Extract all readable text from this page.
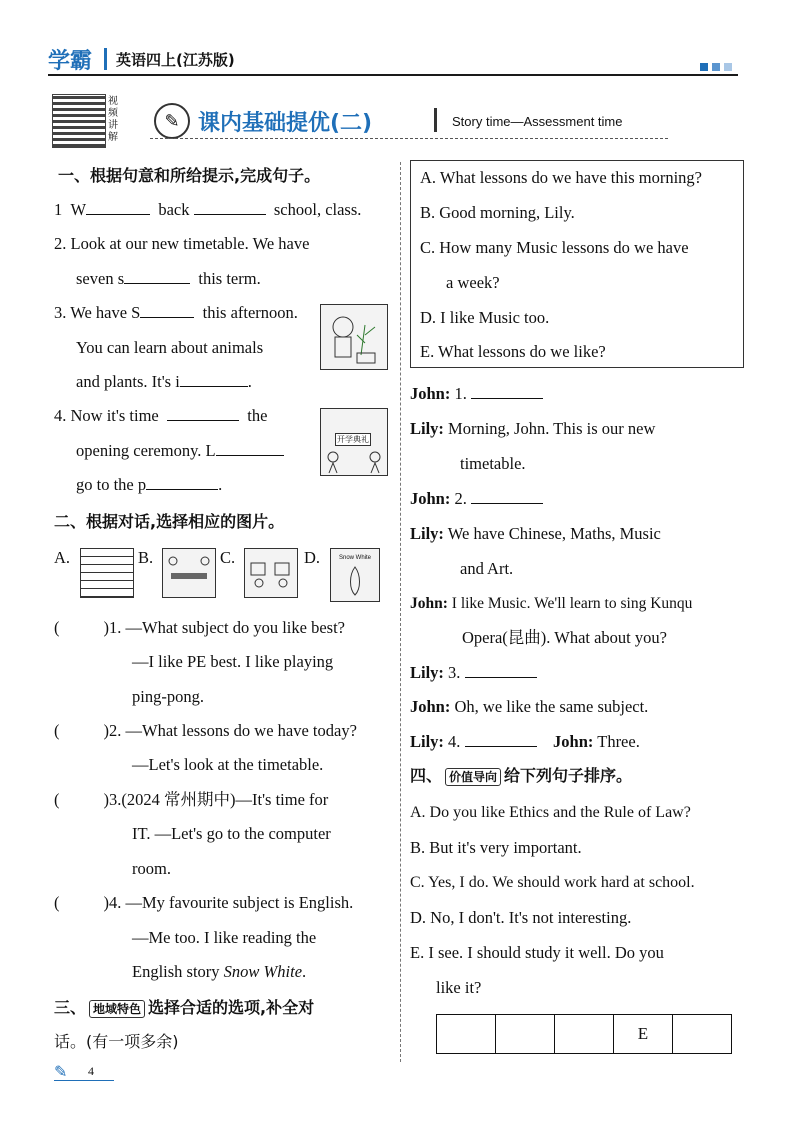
学霸 英语四上(江苏版)

视频讲解
✎ 课内基础提优(二)	Story time—Assessment time
一、根据句意和所给提示,完成句子。
1 W	back	school, class.
2. Look at our new timetable. We have
seven s	this term.
3. We have S	this afternoon.
You can learn about animals
and plants. It's i	.
4. Now it's time	the
opening ceremony. L
go to the p	.
开学典礼
二、根据对话,选择相应的图片。
A.	B.	C.	D.	Snow White
(	)1. —What subject do you like best?
—I like PE best. I like playing
ping-pong.
(	)2. —What lessons do we have today?
—Let's look at the timetable.
(	)3.(2024 常州期中)—It's time for
IT. —Let's go to the computer
room.
(	)4. —My favourite subject is English.
—Me too. I like reading the
English story Snow White.
三、 地域特色 选择合适的选项,补全对
话。(有一项多余)
✎ 4
A. What lessons do we have this morning?
B. Good morning, Lily.
C. How many Music lessons do we have
a week?
D. I like Music too.
E. What lessons do we like?
John: 1.
Lily: Morning, John. This is our new
timetable.
John: 2.
Lily: We have Chinese, Maths, Music
and Art.
John: I like Music. We'll learn to sing Kunqu
Opera(昆曲). What about you?
Lily: 3.
John: Oh, we like the same subject.
Lily: 4.	John: Three.
四、 价值导向 给下列句子排序。
A. Do you like Ethics and the Rule of Law?
B. But it's very important.
C. Yes, I do. We should work hard at school.
D. No, I don't. It's not interesting.
E. I see. I should study it well. Do you
like it?
			E	
